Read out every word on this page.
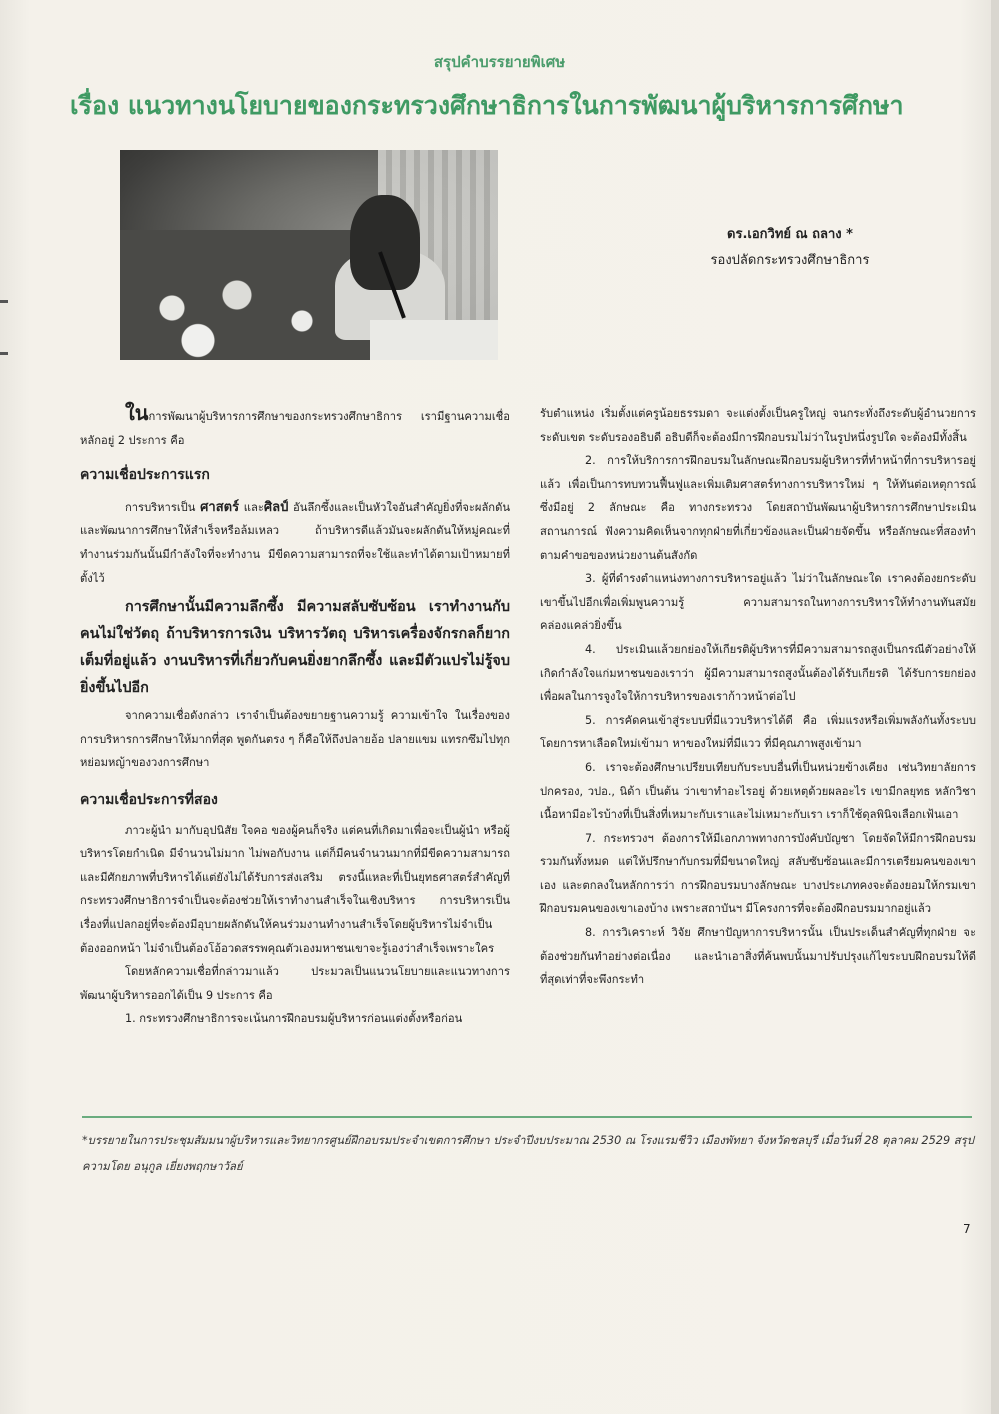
สรุปคำบรรยายพิเศษ
เรื่อง แนวทางนโยบายของกระทรวงศึกษาธิการในการพัฒนาผู้บริหารการศึกษา
ดร.เอกวิทย์ ณ ถลาง *
รองปลัดกระทรวงศึกษาธิการ

ในการพัฒนาผู้บริหารการศึกษาของกระทรวงศึกษาธิการ เรามีฐานความเชื่อหลักอยู่ 2 ประการ คือ

ความเชื่อประการแรก

การบริหารเป็น ศาสตร์ และศิลป์ อันลึกซึ้งและเป็นหัวใจอันสำคัญยิ่งที่จะผลักดันและพัฒนาการศึกษาให้สำเร็จหรือล้มเหลว ถ้าบริหารดีแล้วมันจะผลักดันให้หมู่คณะที่ทำงานร่วมกันนั้นมีกำลังใจที่จะทำงาน มีขีดความสามารถที่จะใช้และทำได้ตามเป้าหมายที่ตั้งไว้

การศึกษานั้นมีความลึกซึ้ง มีความสลับซับซ้อน เราทำงานกับคนไม่ใช่วัตถุ ถ้าบริหารการเงิน บริหารวัตถุ บริหารเครื่องจักรกลก็ยากเต็มที่อยู่แล้ว งานบริหารที่เกี่ยวกับคนยิ่งยากลึกซึ้ง และมีตัวแปรไม่รู้จบยิ่งขึ้นไปอีก

จากความเชื่อดังกล่าว เราจำเป็นต้องขยายฐานความรู้ ความเข้าใจ ในเรื่องของการบริหารการศึกษาให้มากที่สุด พูดกันตรง ๆ ก็คือให้ถึงปลายอ้อ ปลายแขม แทรกซึมไปทุกหย่อมหญ้าของวงการศึกษา

ความเชื่อประการที่สอง

ภาวะผู้นำ มากับอุปนิสัย ใจคอ ของผู้คนก็จริง แต่คนที่เกิดมาเพื่อจะเป็นผู้นำ หรือผู้บริหารโดยกำเนิด มีจำนวนไม่มาก ไม่พอกับงาน แต่ก็มีคนจำนวนมากที่มีขีดความสามารถและมีศักยภาพที่บริหารได้แต่ยังไม่ได้รับการส่งเสริม ตรงนี้แหละที่เป็นยุทธศาสตร์สำคัญที่กระทรวงศึกษาธิการจำเป็นจะต้องช่วยให้เราทำงานสำเร็จในเชิงบริหาร การบริหารเป็นเรื่องที่แปลกอยู่ที่จะต้องมีอุบายผลักดันให้คนร่วมงานทำงานสำเร็จโดยผู้บริหารไม่จำเป็นต้องออกหน้า ไม่จำเป็นต้องโอ้อวดสรรพคุณตัวเองมหาชนเขาจะรู้เองว่าสำเร็จเพราะใคร

โดยหลักความเชื่อที่กล่าวมาแล้ว ประมวลเป็นแนวนโยบายและแนวทางการพัฒนาผู้บริหารออกได้เป็น 9 ประการ คือ

1. กระทรวงศึกษาธิการจะเน้นการฝึกอบรมผู้บริหารก่อนแต่งตั้งหรือก่อน

รับตำแหน่ง เริ่มตั้งแต่ครูน้อยธรรมดา จะแต่งตั้งเป็นครูใหญ่ จนกระทั่งถึงระดับผู้อำนวยการ ระดับเขต ระดับรองอธิบดี อธิบดีก็จะต้องมีการฝึกอบรมไม่ว่าในรูปหนึ่งรูปใด จะต้องมีทั้งสิ้น

2. การให้บริการการฝึกอบรมในลักษณะฝึกอบรมผู้บริหารที่ทำหน้าที่การบริหารอยู่แล้ว เพื่อเป็นการทบทวนฟื้นฟูและเพิ่มเติมศาสตร์ทางการบริหารใหม่ ๆ ให้ทันต่อเหตุการณ์ ซึ่งมีอยู่ 2 ลักษณะ คือ ทางกระทรวง โดยสถาบันพัฒนาผู้บริหารการศึกษาประเมินสถานการณ์ ฟังความคิดเห็นจากทุกฝ่ายที่เกี่ยวข้องและเป็นฝ่ายจัดขึ้น หรือลักษณะที่สองทำตามคำขอของหน่วยงานต้นสังกัด

3. ผู้ที่ดำรงตำแหน่งทางการบริหารอยู่แล้ว ไม่ว่าในลักษณะใด เราคงต้องยกระดับเขาขึ้นไปอีกเพื่อเพิ่มพูนความรู้ ความสามารถในทางการบริหารให้ทำงานทันสมัย คล่องแคล่วยิ่งขึ้น

4. ประเมินแล้วยกย่องให้เกียรติผู้บริหารที่มีความสามารถสูงเป็นกรณีตัวอย่างให้เกิดกำลังใจแก่มหาชนของเราว่า ผู้มีความสามารถสูงนั้นต้องได้รับเกียรติ ได้รับการยกย่อง เพื่อผลในการจูงใจให้การบริหารของเราก้าวหน้าต่อไป

5. การคัดคนเข้าสู่ระบบที่มีแววบริหารได้ดี คือ เพิ่มแรงหรือเพิ่มพลังกันทั้งระบบ โดยการหาเลือดใหม่เข้ามา หาของใหม่ที่มีแวว ที่มีคุณภาพสูงเข้ามา

6. เราจะต้องศึกษาเปรียบเทียบกับระบบอื่นที่เป็นหน่วยข้างเคียง เช่นวิทยาลัยการปกครอง, วปอ., นิด้า เป็นต้น ว่าเขาทำอะไรอยู่ ด้วยเหตุด้วยผลอะไร เขามีกลยุทธ หลักวิชา เนื้อหามีอะไรบ้างที่เป็นสิ่งที่เหมาะกับเราและไม่เหมาะกับเรา เราก็ใช้ดุลพินิจเลือกเฟ้นเอา

7. กระทรวงฯ ต้องการให้มีเอกภาพทางการบังคับบัญชา โดยจัดให้มีการฝึกอบรมรวมกันทั้งหมด แต่ให้ปรึกษากับกรมที่มีขนาดใหญ่ สลับซับซ้อนและมีการเตรียมคนของเขาเอง และตกลงในหลักการว่า การฝึกอบรมบางลักษณะ บางประเภทคงจะต้องยอมให้กรมเขาฝึกอบรมคนของเขาเองบ้าง เพราะสถาบันฯ มีโครงการที่จะต้องฝึกอบรมมากอยู่แล้ว

8. การวิเคราะห์ วิจัย ศึกษาปัญหาการบริหารนั้น เป็นประเด็นสำคัญที่ทุกฝ่าย จะต้องช่วยกันทำอย่างต่อเนื่อง และนำเอาสิ่งที่ค้นพบนั้นมาปรับปรุงแก้ไขระบบฝึกอบรมให้ดีที่สุดเท่าที่จะพึงกระทำ

*บรรยายในการประชุมสัมมนาผู้บริหารและวิทยากรศูนย์ฝึกอบรมประจำเขตการศึกษา ประจำปีงบประมาณ 2530 ณ โรงแรมชีวิว เมืองพัทยา จังหวัดชลบุรี เมื่อวันที่ 28 ตุลาคม 2529 สรุปความโดย อนุกูล เยี่ยงพฤกษาวัลย์
7
